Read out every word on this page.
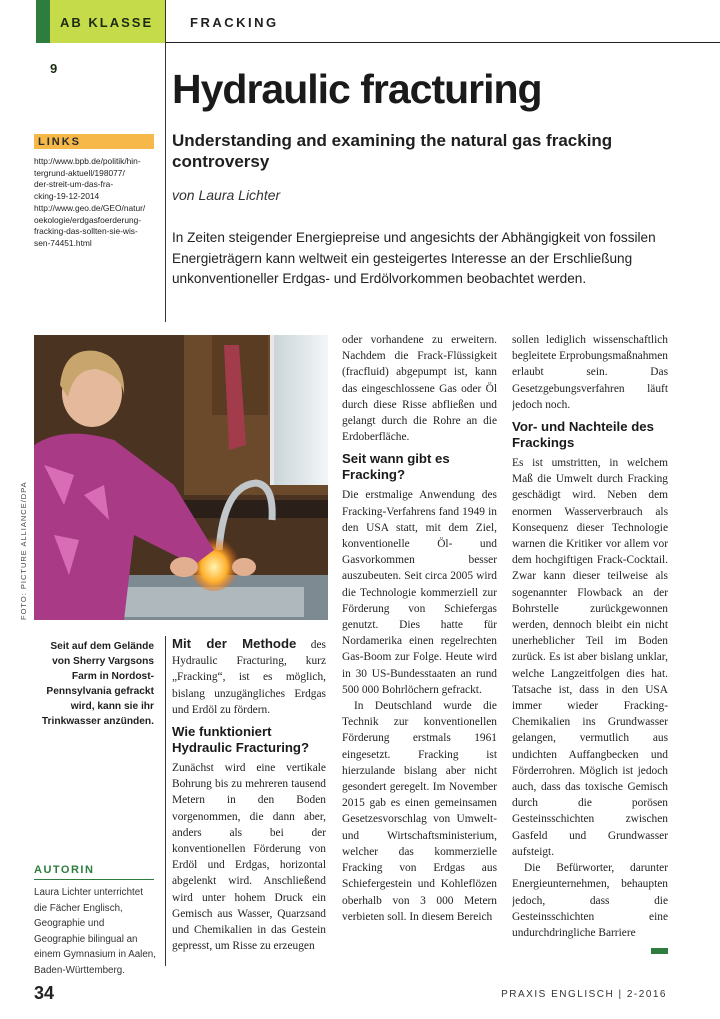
AB KLASSE 9
FRACKING
Hydraulic fracturing
Understanding and examining the natural gas fracking controversy
von Laura Lichter
In Zeiten steigender Energiepreise und angesichts der Abhängigkeit von fossilen Energieträgern kann weltweit ein gesteigertes Interesse an der Erschließung unkonventioneller Erdgas- und Erdölvorkommen beobachtet werden.
LINKS
http://www.bpb.de/politik/hin-
tergrund-aktuell/198077/
der-streit-um-das-fra-
cking-19-12-2014
http://www.geo.de/GEO/natur/
oekologie/erdgasfoerderung-
fracking-das-sollten-sie-wis-
sen-74451.html
FOTO: PICTURE ALLIANCE/DPA
Seit auf dem Gelände von Sherry Vargsons Farm in Nordost-Pennsylvania gefrackt wird, kann sie ihr Trinkwasser anzünden.
AUTORIN
Laura Lichter unterrichtet die Fächer Englisch, Geographie und Geographie bilingual an einem Gymnasium in Aalen, Baden-Württemberg.

Mit der Methode des Hydraulic Fracturing, kurz „Fracking“, ist es möglich, bislang unzugängliches Erdgas und Erdöl zu fördern.

Wie funktioniert Hydraulic Fracturing?

Zunächst wird eine vertikale Bohrung bis zu mehreren tausend Metern in den Boden vorgenommen, die dann aber, anders als bei der konventionellen Förderung von Erdöl und Erdgas, horizontal abgelenkt wird. Anschließend wird unter hohem Druck ein Gemisch aus Wasser, Quarzsand und Chemikalien in das Gestein gepresst, um Risse zu erzeugen

oder vorhandene zu erweitern. Nachdem die Frack-Flüssigkeit (fracfluid) abgepumpt ist, kann das eingeschlossene Gas oder Öl durch diese Risse abfließen und gelangt durch die Rohre an die Erdoberfläche.

Seit wann gibt es Fracking?

Die erstmalige Anwendung des Fracking-Verfahrens fand 1949 in den USA statt, mit dem Ziel, konventionelle Öl- und Gasvorkommen besser auszubeuten. Seit circa 2005 wird die Technologie kommerziell zur Förderung von Schiefergas genutzt. Dies hatte für Nordamerika einen regelrechten Gas-Boom zur Folge. Heute wird in 30 US-Bundesstaaten an rund 500 000 Bohrlöchern gefrackt.

In Deutschland wurde die Technik zur konventionellen Förderung erstmals 1961 eingesetzt. Fracking ist hierzulande bislang aber nicht gesondert geregelt. Im November 2015 gab es einen gemeinsamen Gesetzesvorschlag von Umwelt- und Wirtschaftsministerium, welcher das kommerzielle Fracking von Erdgas aus Schiefergestein und Kohleflözen oberhalb von 3 000 Metern verbieten soll. In diesem Bereich

sollen lediglich wissenschaftlich begleitete Erprobungsmaßnahmen erlaubt sein. Das Gesetzgebungsverfahren läuft jedoch noch.

Vor- und Nachteile des Frackings

Es ist umstritten, in welchem Maß die Umwelt durch Fracking geschädigt wird. Neben dem enormen Wasserverbrauch als Konsequenz dieser Technologie warnen die Kritiker vor allem vor dem hochgiftigen Frack-Cocktail. Zwar kann dieser teilweise als sogenannter Flowback an der Bohrstelle zurückgewonnen werden, dennoch bleibt ein nicht unerheblicher Teil im Boden zurück. Es ist aber bislang unklar, welche Langzeitfolgen dies hat. Tatsache ist, dass in den USA immer wieder Fracking-Chemikalien ins Grundwasser gelangen, vermutlich aus undichten Auffangbecken und Förderrohren. Möglich ist jedoch auch, dass das toxische Gemisch durch die porösen Gesteinsschichten zwischen Gasfeld und Grundwasser aufsteigt.

Die Befürworter, darunter Energieunternehmen, behaupten jedoch, dass die Gesteinsschichten eine undurchdringliche Barriere

34	PRAXIS ENGLISCH | 2-2016
